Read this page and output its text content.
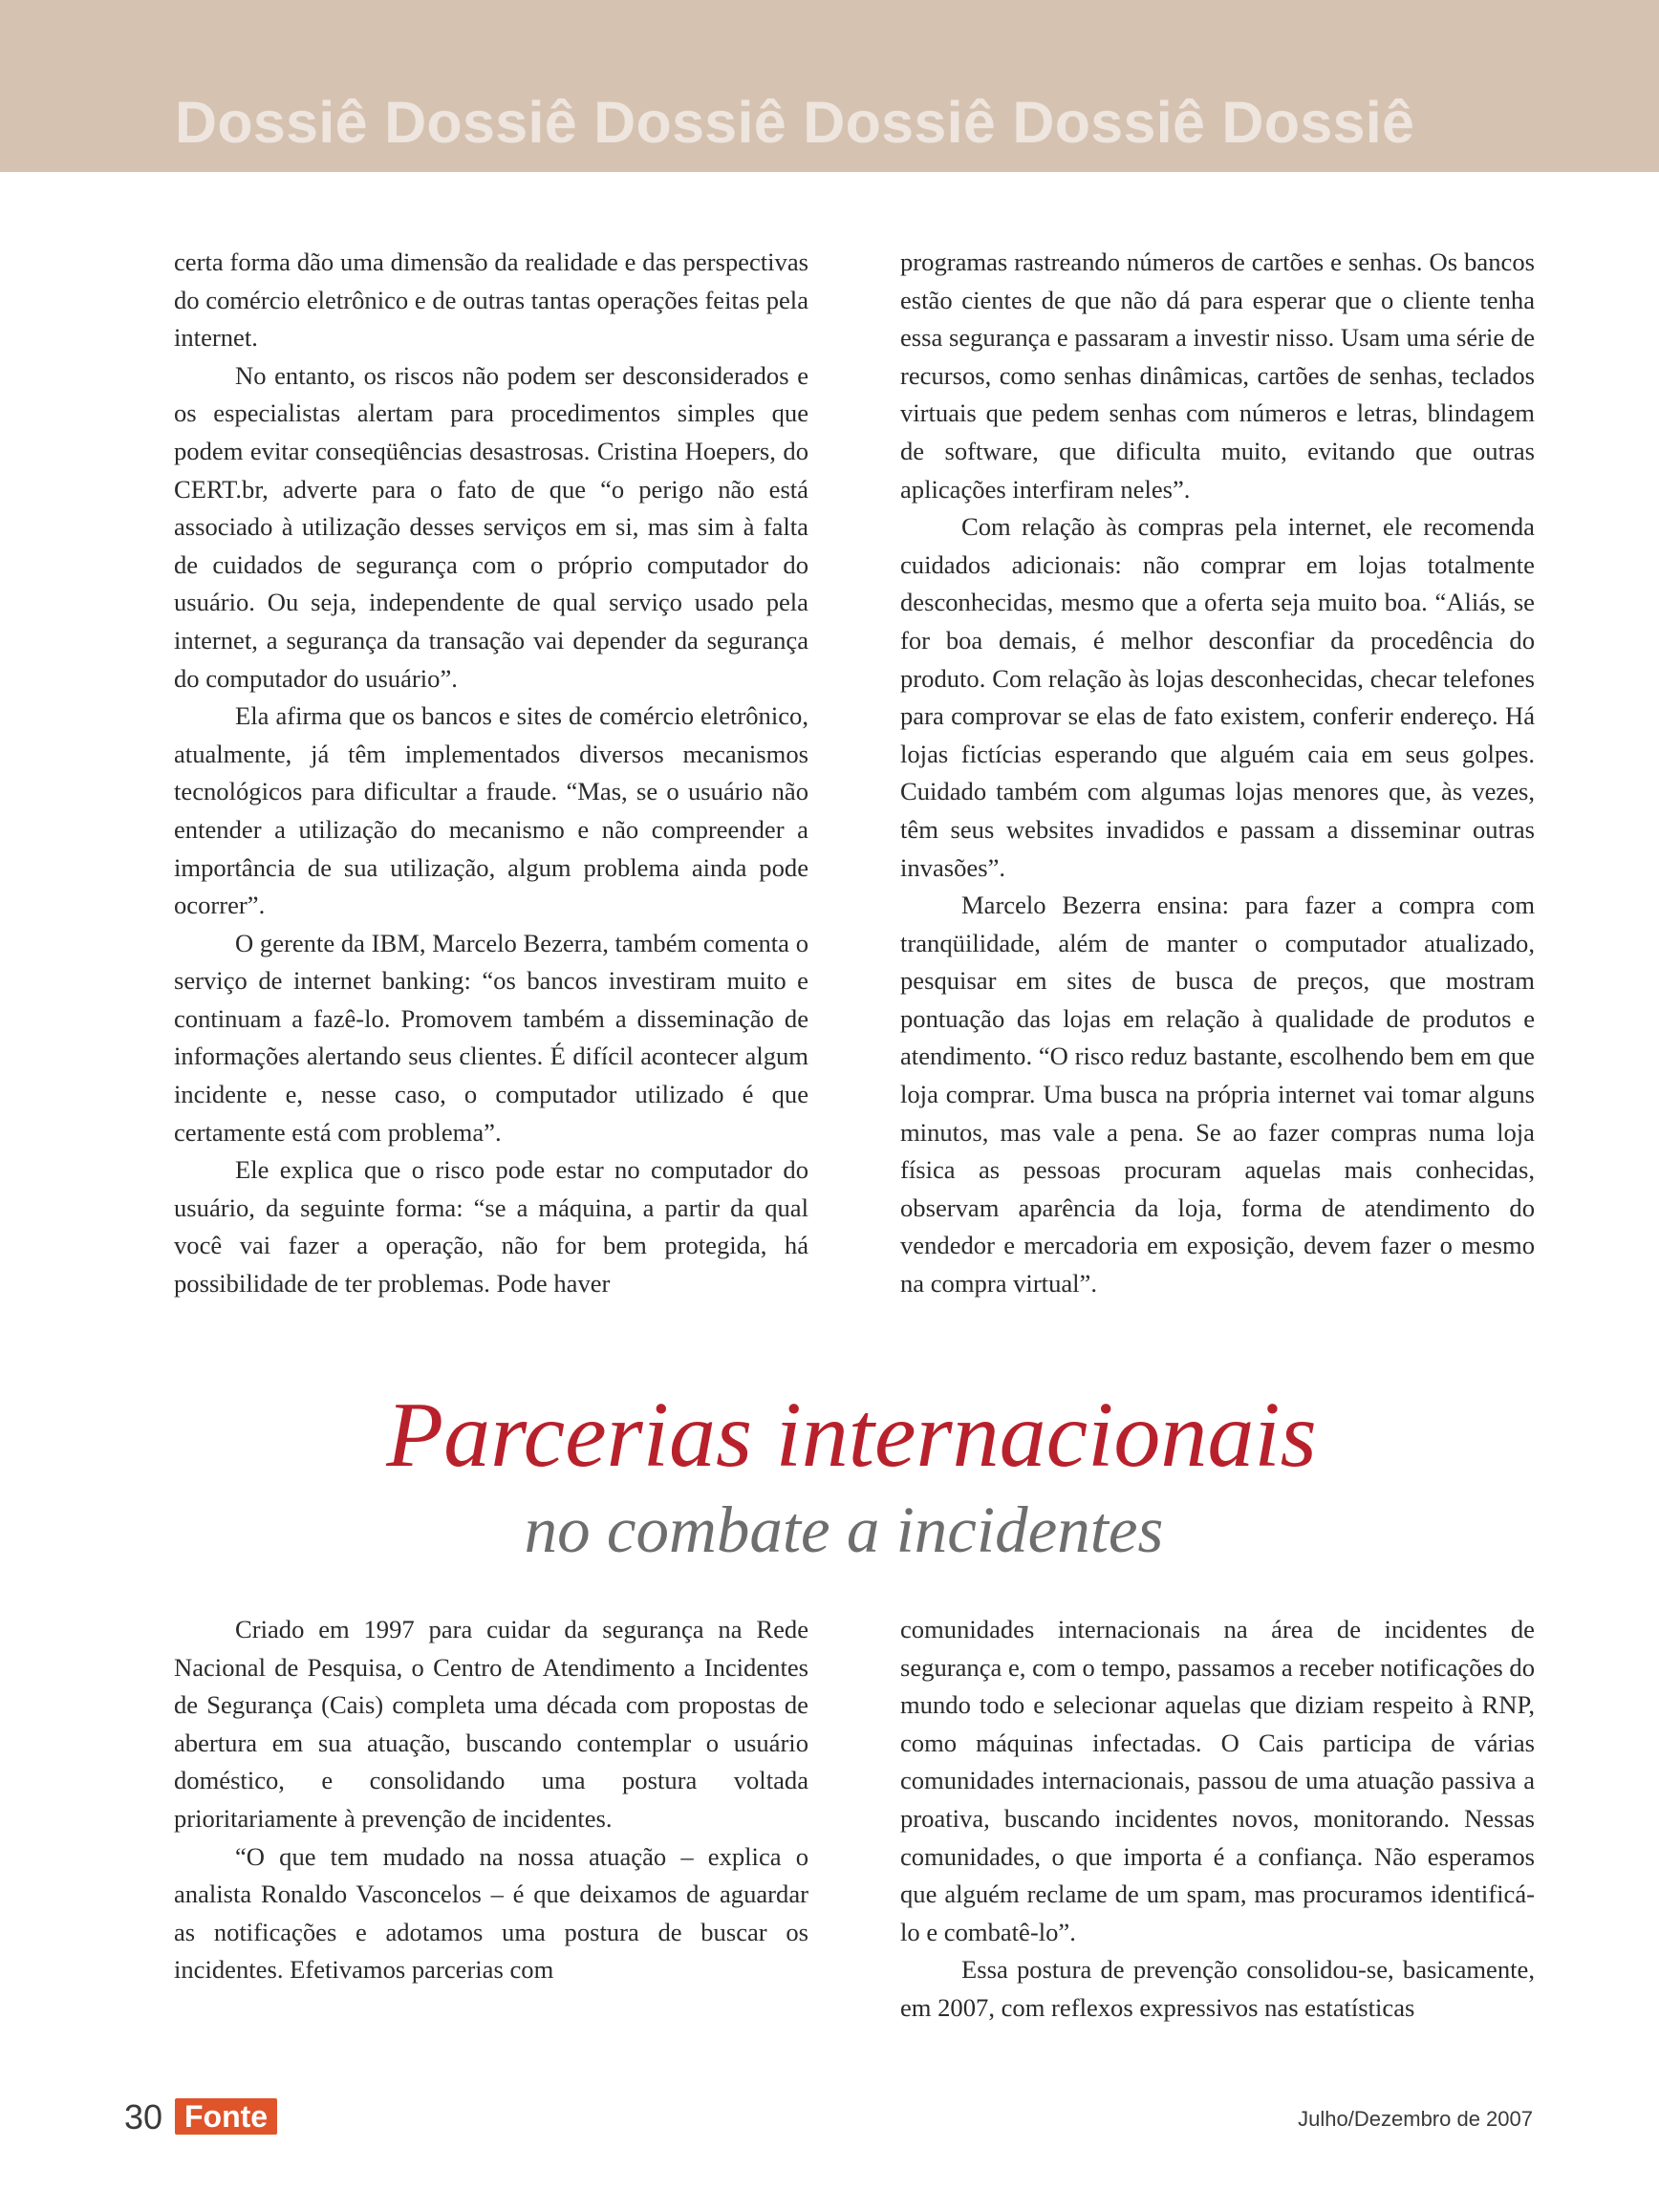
Dossiê Dossiê Dossiê Dossiê Dossiê Dossiê

certa forma dão uma dimensão da realidade e das perspectivas do comércio eletrônico e de outras tantas operações feitas pela internet.

No entanto, os riscos não podem ser desconsiderados e os especialistas alertam para procedimentos simples que podem evitar conseqüências desastrosas. Cristina Hoepers, do CERT.br, adverte para o fato de que “o perigo não está associado à utilização desses serviços em si, mas sim à falta de cuidados de segurança com o próprio computador do usuário. Ou seja, independente de qual serviço usado pela internet, a segurança da transação vai depender da segurança do computador do usuário”.

Ela afirma que os bancos e sites de comércio eletrônico, atualmente, já têm implementados diversos mecanismos tecnológicos para dificultar a fraude. “Mas, se o usuário não entender a utilização do mecanismo e não compreender a importância de sua utilização, algum problema ainda pode ocorrer”.

O gerente da IBM, Marcelo Bezerra, também comenta o serviço de internet banking: “os bancos investiram muito e continuam a fazê-lo. Promovem também a disseminação de informações alertando seus clientes. É difícil acontecer algum incidente e, nesse caso, o computador utilizado é que certamente está com problema”.

Ele explica que o risco pode estar no computador do usuário, da seguinte forma: “se a máquina, a partir da qual você vai fazer a operação, não for bem protegida, há possibilidade de ter problemas. Pode haver

programas rastreando números de cartões e senhas. Os bancos estão cientes de que não dá para esperar que o cliente tenha essa segurança e passaram a investir nisso. Usam uma série de recursos, como senhas dinâmicas, cartões de senhas, teclados virtuais que pedem senhas com números e letras, blindagem de software, que dificulta muito, evitando que outras aplicações interfiram neles”.

Com relação às compras pela internet, ele recomenda cuidados adicionais: não comprar em lojas totalmente desconhecidas, mesmo que a oferta seja muito boa. “Aliás, se for boa demais, é melhor desconfiar da procedência do produto. Com relação às lojas desconhecidas, checar telefones para comprovar se elas de fato existem, conferir endereço. Há lojas fictícias esperando que alguém caia em seus golpes. Cuidado também com algumas lojas menores que, às vezes, têm seus websites invadidos e passam a disseminar outras invasões”.

Marcelo Bezerra ensina: para fazer a compra com tranqüilidade, além de manter o computador atualizado, pesquisar em sites de busca de preços, que mostram pontuação das lojas em relação à qualidade de produtos e atendimento. “O risco reduz bastante, escolhendo bem em que loja comprar. Uma busca na própria internet vai tomar alguns minutos, mas vale a pena. Se ao fazer compras numa loja física as pessoas procuram aquelas mais conhecidas, observam aparência da loja, forma de atendimento do vendedor e mercadoria em exposição, devem fazer o mesmo na compra virtual”.

Parcerias internacionais
no combate a incidentes

Criado em 1997 para cuidar da segurança na Rede Nacional de Pesquisa, o Centro de Atendimento a Incidentes de Segurança (Cais) completa uma década com propostas de abertura em sua atuação, buscando contemplar o usuário doméstico, e consolidando uma postura voltada prioritariamente à prevenção de incidentes.

“O que tem mudado na nossa atuação – explica o analista Ronaldo Vasconcelos – é que deixamos de aguardar as notificações e adotamos uma postura de buscar os incidentes. Efetivamos parcerias com

comunidades internacionais na área de incidentes de segurança e, com o tempo, passamos a receber notificações do mundo todo e selecionar aquelas que diziam respeito à RNP, como máquinas infectadas. O Cais participa de várias comunidades internacionais, passou de uma atuação passiva a proativa, buscando incidentes novos, monitorando. Nessas comunidades, o que importa é a confiança. Não esperamos que alguém reclame de um spam, mas procuramos identificá-lo e combatê-lo”.

Essa postura de prevenção consolidou-se, basicamente, em 2007, com reflexos expressivos nas estatísticas

30 Fonte	Julho/Dezembro de 2007
